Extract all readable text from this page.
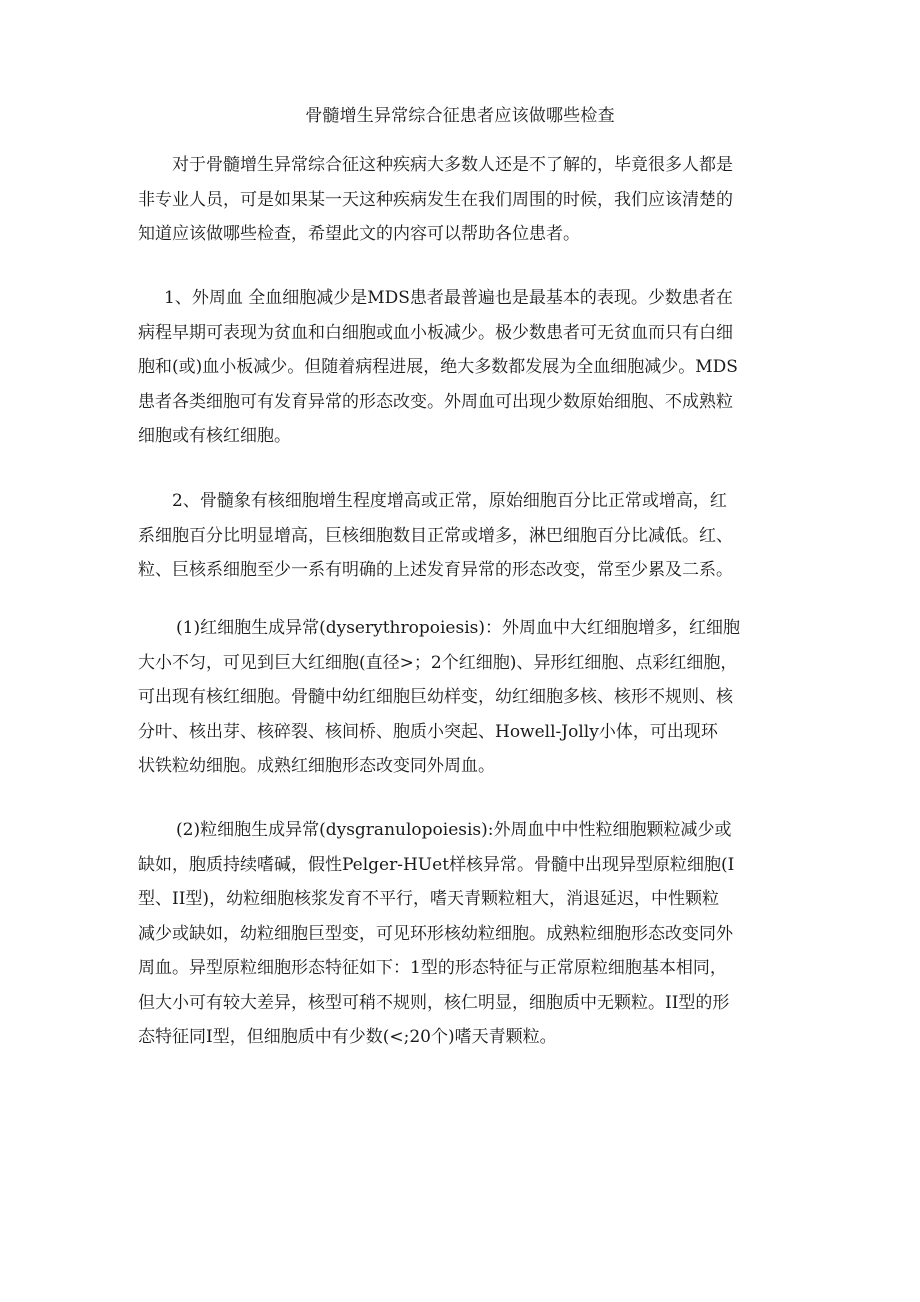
骨髓增生异常综合征患者应该做哪些检查
对于骨髓增生异常综合征这种疾病大多数人还是不了解的，毕竟很多人都是
非专业人员，可是如果某一天这种疾病发生在我们周围的时候，我们应该清楚的
知道应该做哪些检查，希望此文的内容可以帮助各位患者。
1、外周血 全血细胞减少是MDS患者最普遍也是最基本的表现。少数患者在
病程早期可表现为贫血和白细胞或血小板减少。极少数患者可无贫血而只有白细
胞和(或)血小板减少。但随着病程进展，绝大多数都发展为全血细胞减少。MDS
患者各类细胞可有发育异常的形态改变。外周血可出现少数原始细胞、不成熟粒
细胞或有核红细胞。
2、骨髓象有核细胞增生程度增高或正常，原始细胞百分比正常或增高，红
系细胞百分比明显增高，巨核细胞数目正常或增多，淋巴细胞百分比减低。红、
粒、巨核系细胞至少一系有明确的上述发育异常的形态改变，常至少累及二系。
(1)红细胞生成异常(dyserythropoiesis)：外周血中大红细胞增多，红细胞
大小不匀，可见到巨大红细胞(直径>；2个红细胞)、异形红细胞、点彩红细胞，
可出现有核红细胞。骨髓中幼红细胞巨幼样变，幼红细胞多核、核形不规则、核
分叶、核出芽、核碎裂、核间桥、胞质小突起、Howell-Jolly小体，可出现环
状铁粒幼细胞。成熟红细胞形态改变同外周血。
(2)粒细胞生成异常(dysgranulopoiesis):外周血中中性粒细胞颗粒减少或
缺如，胞质持续嗜碱，假性Pelger-HUet样核异常。骨髓中出现异型原粒细胞(I
型、II型)，幼粒细胞核浆发育不平行，嗜天青颗粒粗大，消退延迟，中性颗粒
减少或缺如，幼粒细胞巨型变，可见环形核幼粒细胞。成熟粒细胞形态改变同外
周血。异型原粒细胞形态特征如下：1型的形态特征与正常原粒细胞基本相同，
但大小可有较大差异，核型可稍不规则，核仁明显，细胞质中无颗粒。II型的形
态特征同I型，但细胞质中有少数(<;20个)嗜天青颗粒。
